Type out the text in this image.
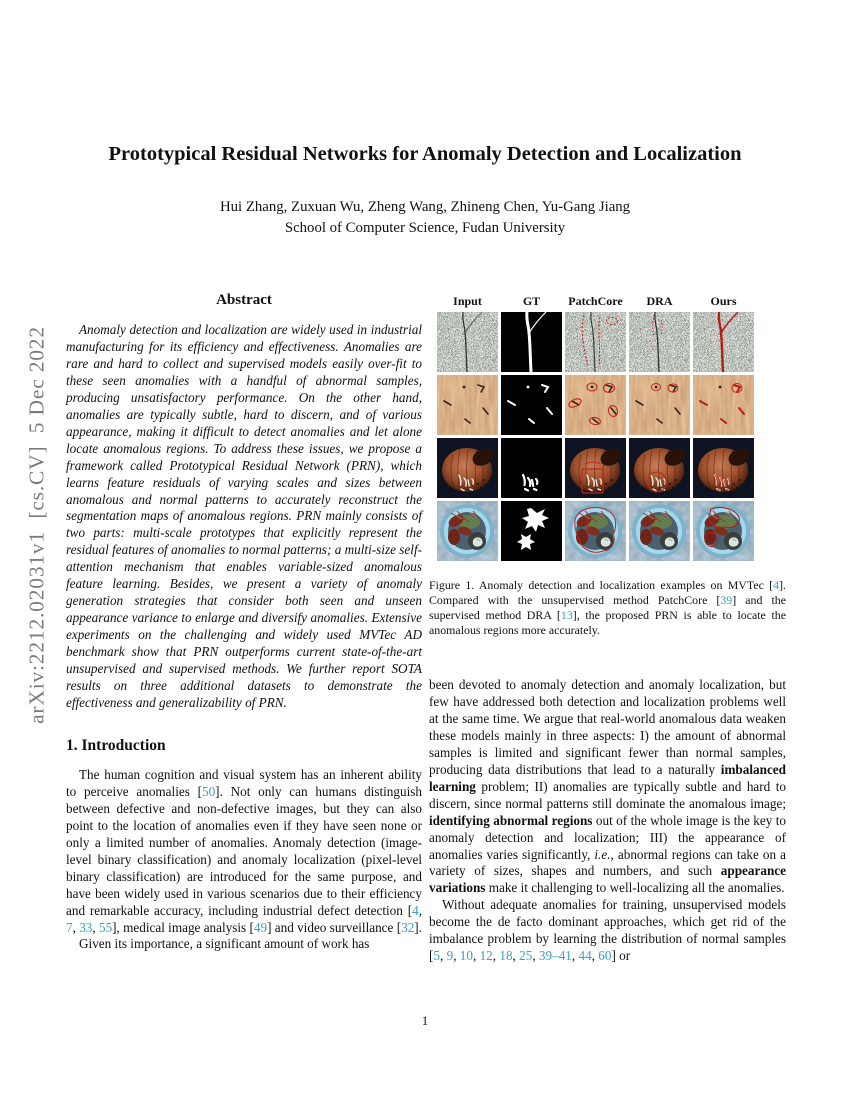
arXiv:2212.02031v1  [cs.CV]  5 Dec 2022
Prototypical Residual Networks for Anomaly Detection and Localization
Hui Zhang, Zuxuan Wu, Zheng Wang, Zhineng Chen, Yu-Gang Jiang
School of Computer Science, Fudan University
Abstract

Anomaly detection and localization are widely used in industrial manufacturing for its efficiency and effectiveness. Anomalies are rare and hard to collect and supervised models easily over-fit to these seen anomalies with a handful of abnormal samples, producing unsatisfactory performance. On the other hand, anomalies are typically subtle, hard to discern, and of various appearance, making it difficult to detect anomalies and let alone locate anomalous regions. To address these issues, we propose a framework called Prototypical Residual Network (PRN), which learns feature residuals of varying scales and sizes between anomalous and normal patterns to accurately reconstruct the segmentation maps of anomalous regions. PRN mainly consists of two parts: multi-scale prototypes that explicitly represent the residual features of anomalies to normal patterns; a multi-size self-attention mechanism that enables variable-sized anomalous feature learning. Besides, we present a variety of anomaly generation strategies that consider both seen and unseen appearance variance to enlarge and diversify anomalies. Extensive experiments on the challenging and widely used MVTec AD benchmark show that PRN outperforms current state-of-the-art unsupervised and supervised methods. We further report SOTA results on three additional datasets to demonstrate the effectiveness and generalizability of PRN.

1. Introduction

The human cognition and visual system has an inherent ability to perceive anomalies [50]. Not only can humans distinguish between defective and non-defective images, but they can also point to the location of anomalies even if they have seen none or only a limited number of anomalies. Anomaly detection (image-level binary classification) and anomaly localization (pixel-level binary classification) are introduced for the same purpose, and have been widely used in various scenarios due to their efficiency and remarkable accuracy, including industrial defect detection [4, 7, 33, 55], medical image analysis [49] and video surveillance [32].

Given its importance, a significant amount of work has

Input	GT	PatchCore	DRA	Ours

Figure 1. Anomaly detection and localization examples on MVTec [4]. Compared with the unsupervised method PatchCore [39] and the supervised method DRA [13], the proposed PRN is able to locate the anomalous regions more accurately.

been devoted to anomaly detection and anomaly localization, but few have addressed both detection and localization problems well at the same time. We argue that real-world anomalous data weaken these models mainly in three aspects: I) the amount of abnormal samples is limited and significant fewer than normal samples, producing data distributions that lead to a naturally imbalanced learning problem; II) anomalies are typically subtle and hard to discern, since normal patterns still dominate the anomalous image; identifying abnormal regions out of the whole image is the key to anomaly detection and localization; III) the appearance of anomalies varies significantly, i.e., abnormal regions can take on a variety of sizes, shapes and numbers, and such appearance variations make it challenging to well-localizing all the anomalies.

Without adequate anomalies for training, unsupervised models become the de facto dominant approaches, which get rid of the imbalance problem by learning the distribution of normal samples [5, 9, 10, 12, 18, 25, 39–41, 44, 60] or

1
